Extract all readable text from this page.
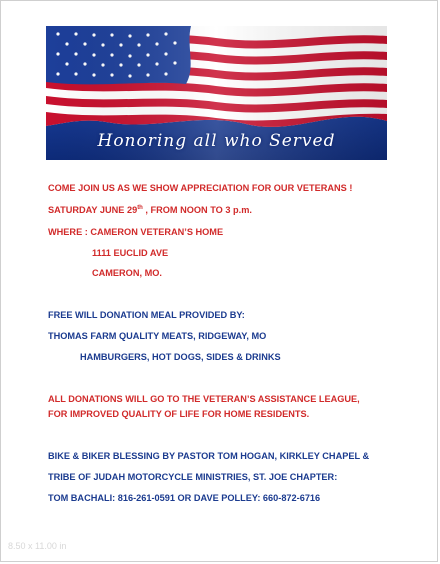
Honoring all who Served
COME JOIN US AS WE SHOW APPRECIATION FOR OUR VETERANS !
SATURDAY JUNE 29th , FROM NOON TO 3 p.m.
WHERE : CAMERON VETERAN’S HOME
1111 EUCLID AVE
CAMERON, MO.
FREE WILL DONATION MEAL PROVIDED BY:
THOMAS FARM QUALITY MEATS, RIDGEWAY, MO
HAMBURGERS, HOT DOGS, SIDES & DRINKS
ALL DONATIONS WILL GO TO THE VETERAN’S ASSISTANCE LEAGUE,
FOR IMPROVED QUALITY OF LIFE FOR HOME RESIDENTS.
BIKE & BIKER BLESSING BY PASTOR TOM HOGAN, KIRKLEY CHAPEL &
TRIBE OF JUDAH MOTORCYCLE MINISTRIES, ST. JOE CHAPTER:
TOM BACHALI: 816-261-0591 OR DAVE POLLEY: 660-872-6716
8.50 x 11.00 in
